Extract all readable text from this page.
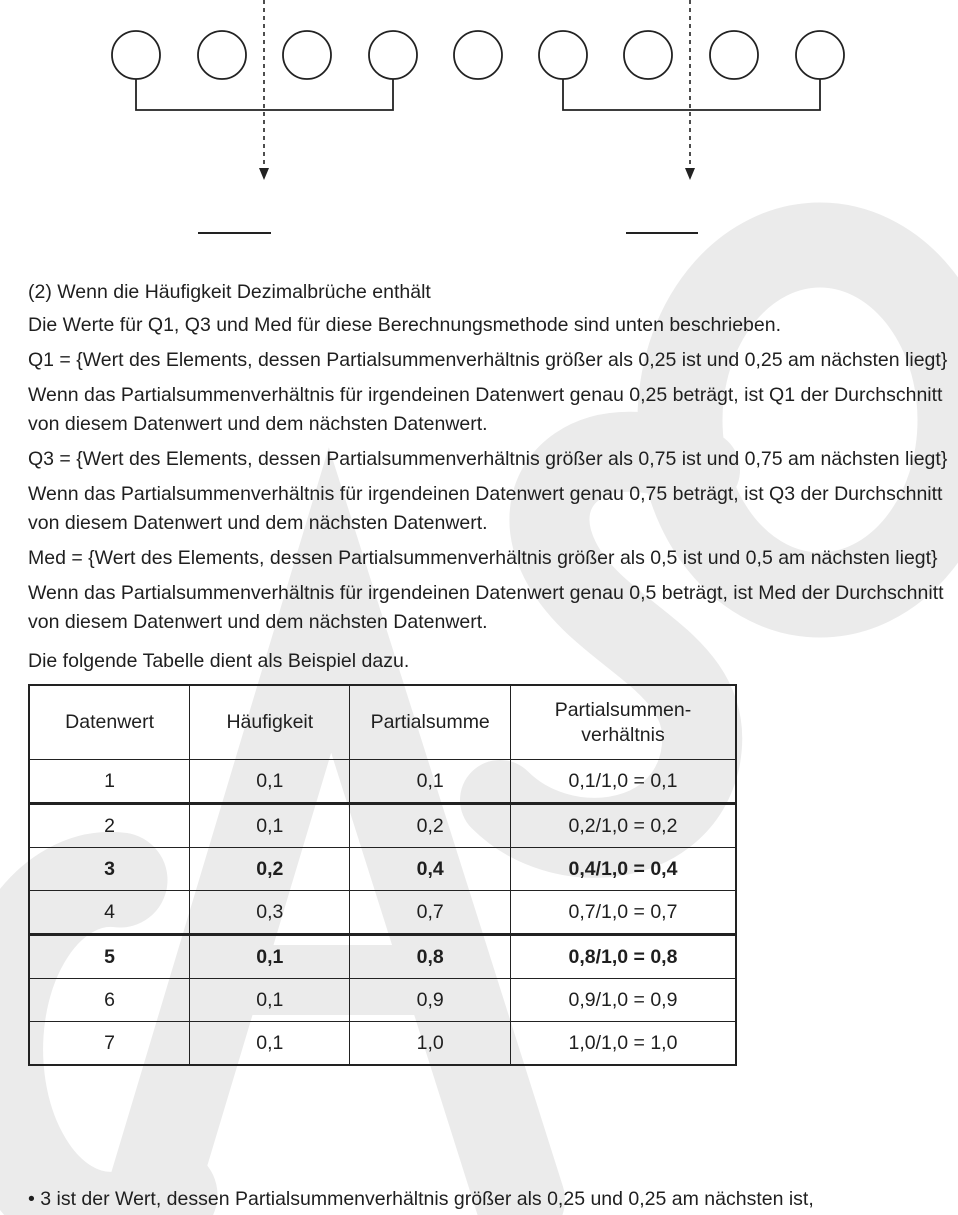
(2) Wenn die Häufigkeit Dezimalbrüche enthält

Die Werte für Q1, Q3 und Med für diese Berechnungsmethode sind unten beschrieben.

Q1 = {Wert des Elements, dessen Partialsummenverhältnis größer als 0,25 ist und 0,25 am nächsten liegt}

Wenn das Partialsummenverhältnis für irgendeinen Datenwert genau 0,25 beträgt, ist Q1 der Durchschnitt von diesem Datenwert und dem nächsten Datenwert.

Q3 = {Wert des Elements, dessen Partialsummenverhältnis größer als 0,75 ist und 0,75 am nächsten liegt}

Wenn das Partialsummenverhältnis für irgendeinen Datenwert genau 0,75 beträgt, ist Q3 der Durchschnitt von diesem Datenwert und dem nächsten Datenwert.

Med = {Wert des Elements, dessen Partialsummenverhältnis größer als 0,5 ist und 0,5 am nächsten liegt}

Wenn das Partialsummenverhältnis für irgendeinen Datenwert genau 0,5 beträgt, ist Med der Durchschnitt von diesem Datenwert und dem nächsten Datenwert.

Die folgende Tabelle dient als Beispiel dazu.

Datenwert	Häufigkeit	Partialsumme	Partialsummen-
verhältnis
1	0,1	0,1	0,1/1,0 = 0,1
2	0,1	0,2	0,2/1,0 = 0,2
3	0,2	0,4	0,4/1,0 = 0,4
4	0,3	0,7	0,7/1,0 = 0,7
5	0,1	0,8	0,8/1,0 = 0,8
6	0,1	0,9	0,9/1,0 = 0,9
7	0,1	1,0	1,0/1,0 = 1,0
• 3 ist der Wert, dessen Partialsummenverhältnis größer als 0,25 und 0,25 am nächsten ist,
